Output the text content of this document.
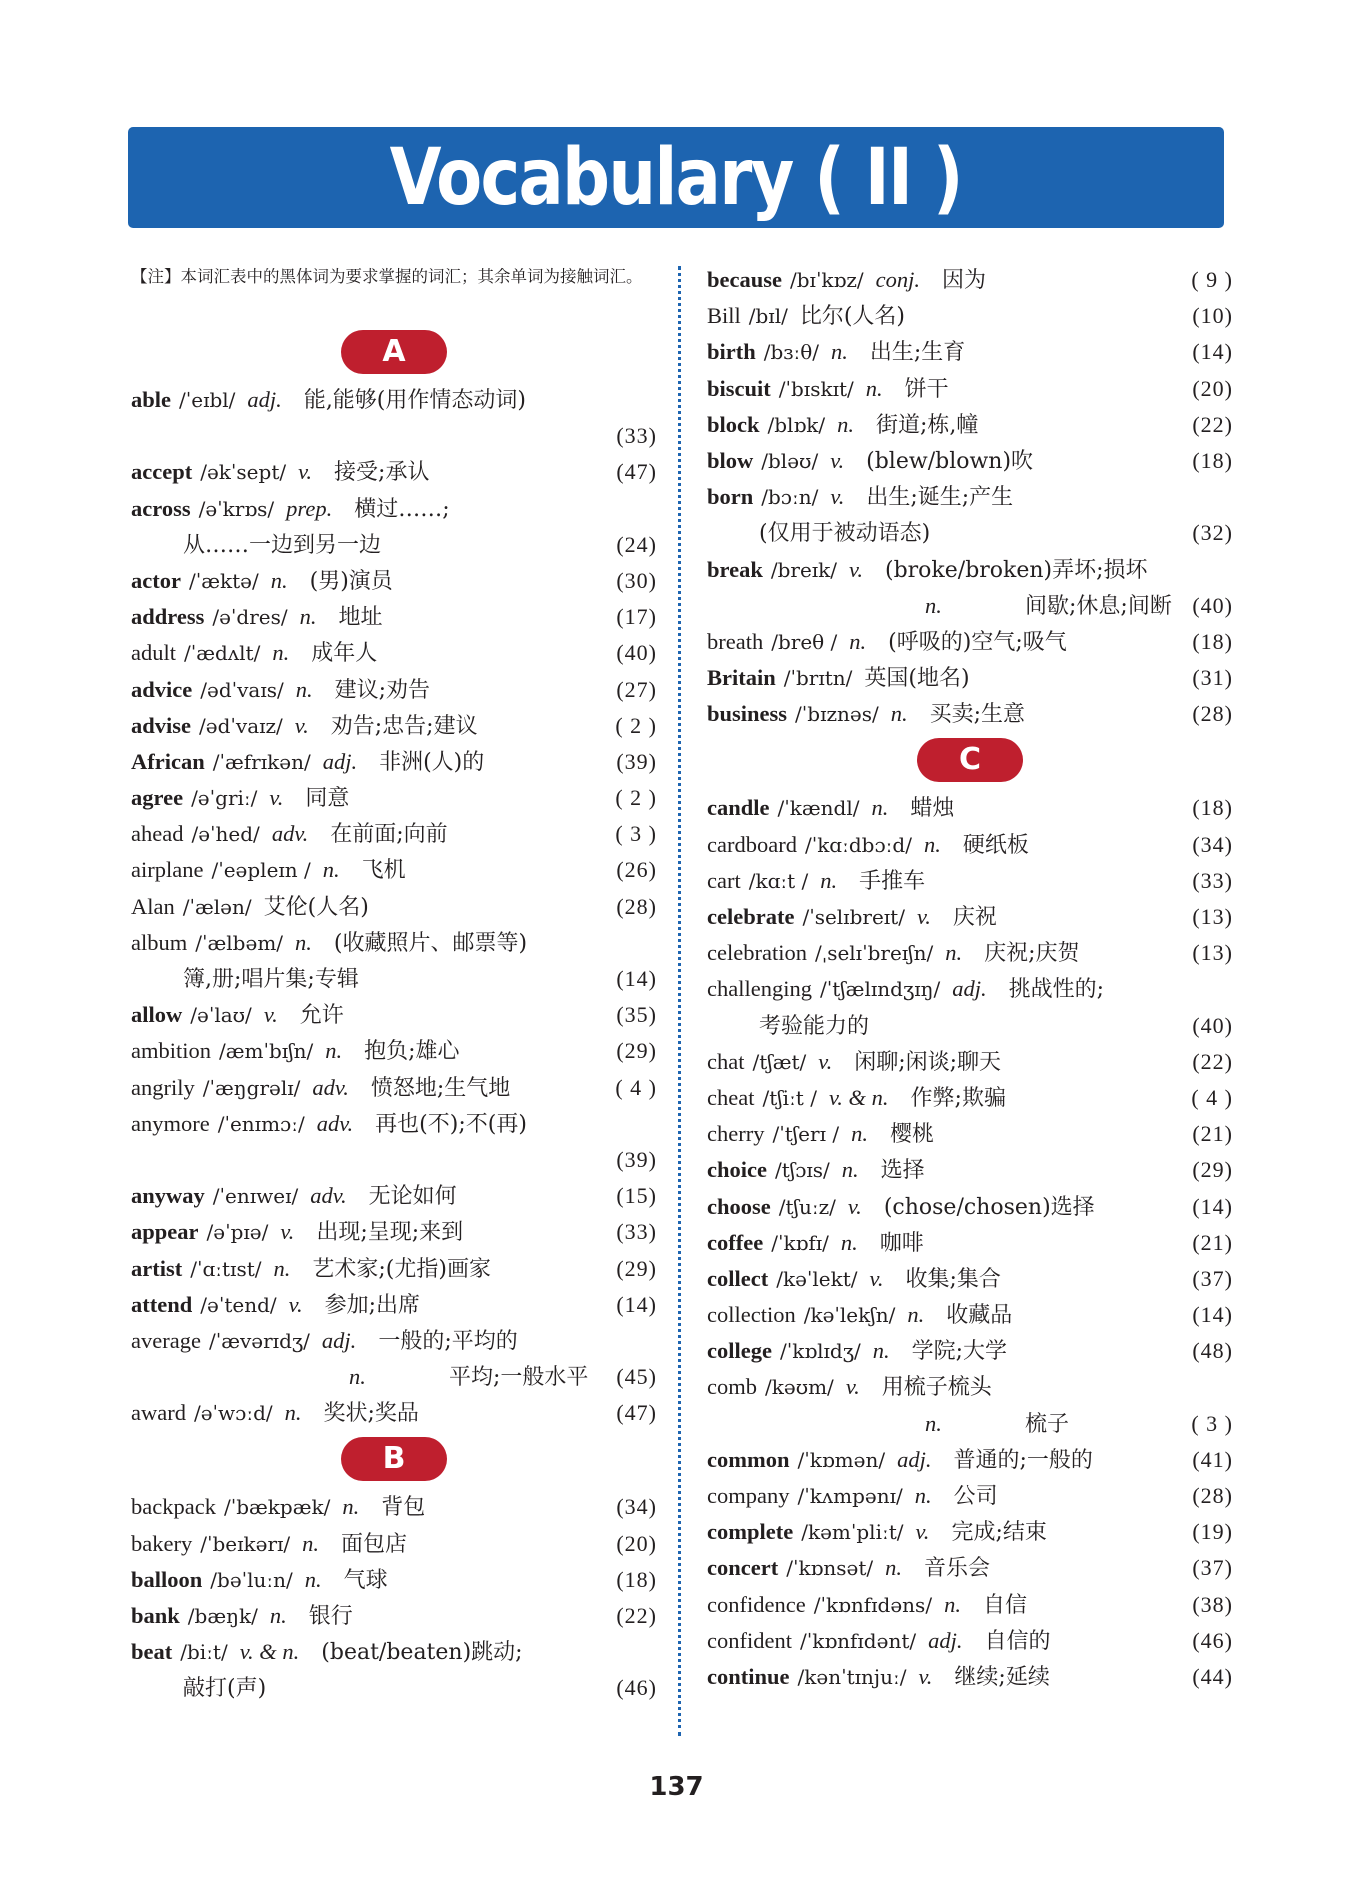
Vocabulary ( II )
【注】本词汇表中的黑体词为要求掌握的词汇；其余单词为接触词汇。
A
able /ˈeɪbl/ adj. 能,能够(用作情态动词)
(33)
accept /əkˈsept/ v. 接受;承认	(47)
across /əˈkrɒs/ prep. 横过……;
从……一边到另一边	(24)
actor /ˈæktə/ n. (男)演员	(30)
address /əˈdres/ n. 地址	(17)
adult /ˈædʌlt/ n. 成年人	(40)
advice /ədˈvaɪs/ n. 建议;劝告	(27)
advise /ədˈvaɪz/ v. 劝告;忠告;建议	( 2 )
African /ˈæfrɪkən/ adj. 非洲(人)的	(39)
agree /əˈgriː/ v. 同意	( 2 )
ahead /əˈhed/ adv. 在前面;向前	( 3 )
airplane /ˈeəpleɪn / n. 飞机	(26)
Alan /ˈælən/ 艾伦(人名)	(28)
album /ˈælbəm/ n. (收藏照片、邮票等)
簿,册;唱片集;专辑	(14)
allow /əˈlaʊ/ v. 允许	(35)
ambition /æmˈbɪʃn/ n. 抱负;雄心	(29)
angrily /ˈæŋgrəlɪ/ adv. 愤怒地;生气地	( 4 )
anymore /ˈenɪmɔː/ adv. 再也(不);不(再)
(39)
anyway /ˈenɪweɪ/ adv. 无论如何	(15)
appear /əˈpɪə/ v. 出现;呈现;来到	(33)
artist /ˈɑːtɪst/ n. 艺术家;(尤指)画家	(29)
attend /əˈtend/ v. 参加;出席	(14)
average /ˈævərɪdʒ/ adj. 一般的;平均的
n.	平均;一般水平 (45)
award /əˈwɔːd/ n. 奖状;奖品	(47)
B
backpack /ˈbækpæk/ n. 背包	(34)
bakery /ˈbeɪkərɪ/ n. 面包店	(20)
balloon /bəˈluːn/ n. 气球	(18)
bank /bæŋk/ n. 银行	(22)
beat /biːt/ v. & n. (beat/beaten)跳动;
敲打(声)	(46)
because /bɪˈkɒz/ conj. 因为	( 9 )
Bill /bɪl/ 比尔(人名)	(10)
birth /bɜːθ/ n. 出生;生育	(14)
biscuit /ˈbɪskɪt/ n. 饼干	(20)
block /blɒk/ n. 街道;栋,幢	(22)
blow /bləʊ/ v. (blew/blown)吹	(18)
born /bɔːn/ v. 出生;诞生;产生
(仅用于被动语态)	(32)
break /breɪk/ v. (broke/broken)弄坏;损坏
n.	间歇;休息;间断 (40)
breath /breθ / n. (呼吸的)空气;吸气	(18)
Britain /ˈbrɪtn/ 英国(地名)	(31)
business /ˈbɪznəs/ n. 买卖;生意	(28)
C
candle /ˈkændl/ n. 蜡烛	(18)
cardboard /ˈkɑːdbɔːd/ n. 硬纸板	(34)
cart /kɑːt / n. 手推车	(33)
celebrate /ˈselɪbreɪt/ v. 庆祝	(13)
celebration /ˌselɪˈbreɪʃn/ n. 庆祝;庆贺	(13)
challenging /ˈtʃælɪndʒɪŋ/ adj. 挑战性的;
考验能力的	(40)
chat /tʃæt/ v. 闲聊;闲谈;聊天	(22)
cheat /tʃiːt / v. & n. 作弊;欺骗	( 4 )
cherry /ˈtʃerɪ / n. 樱桃	(21)
choice /tʃɔɪs/ n. 选择	(29)
choose /tʃuːz/ v. (chose/chosen)选择	(14)
coffee /ˈkɒfɪ/ n. 咖啡	(21)
collect /kəˈlekt/ v. 收集;集合	(37)
collection /kəˈlekʃn/ n. 收藏品	(14)
college /ˈkɒlɪdʒ/ n. 学院;大学	(48)
comb /kəʊm/ v. 用梳子梳头
n.	梳子	( 3 )
common /ˈkɒmən/ adj. 普通的;一般的	(41)
company /ˈkʌmpənɪ/ n. 公司	(28)
complete /kəmˈpliːt/ v. 完成;结束	(19)
concert /ˈkɒnsət/ n. 音乐会	(37)
confidence /ˈkɒnfɪdəns/ n. 自信	(38)
confident /ˈkɒnfɪdənt/ adj. 自信的	(46)
continue /kənˈtɪnjuː/ v. 继续;延续	(44)
137
